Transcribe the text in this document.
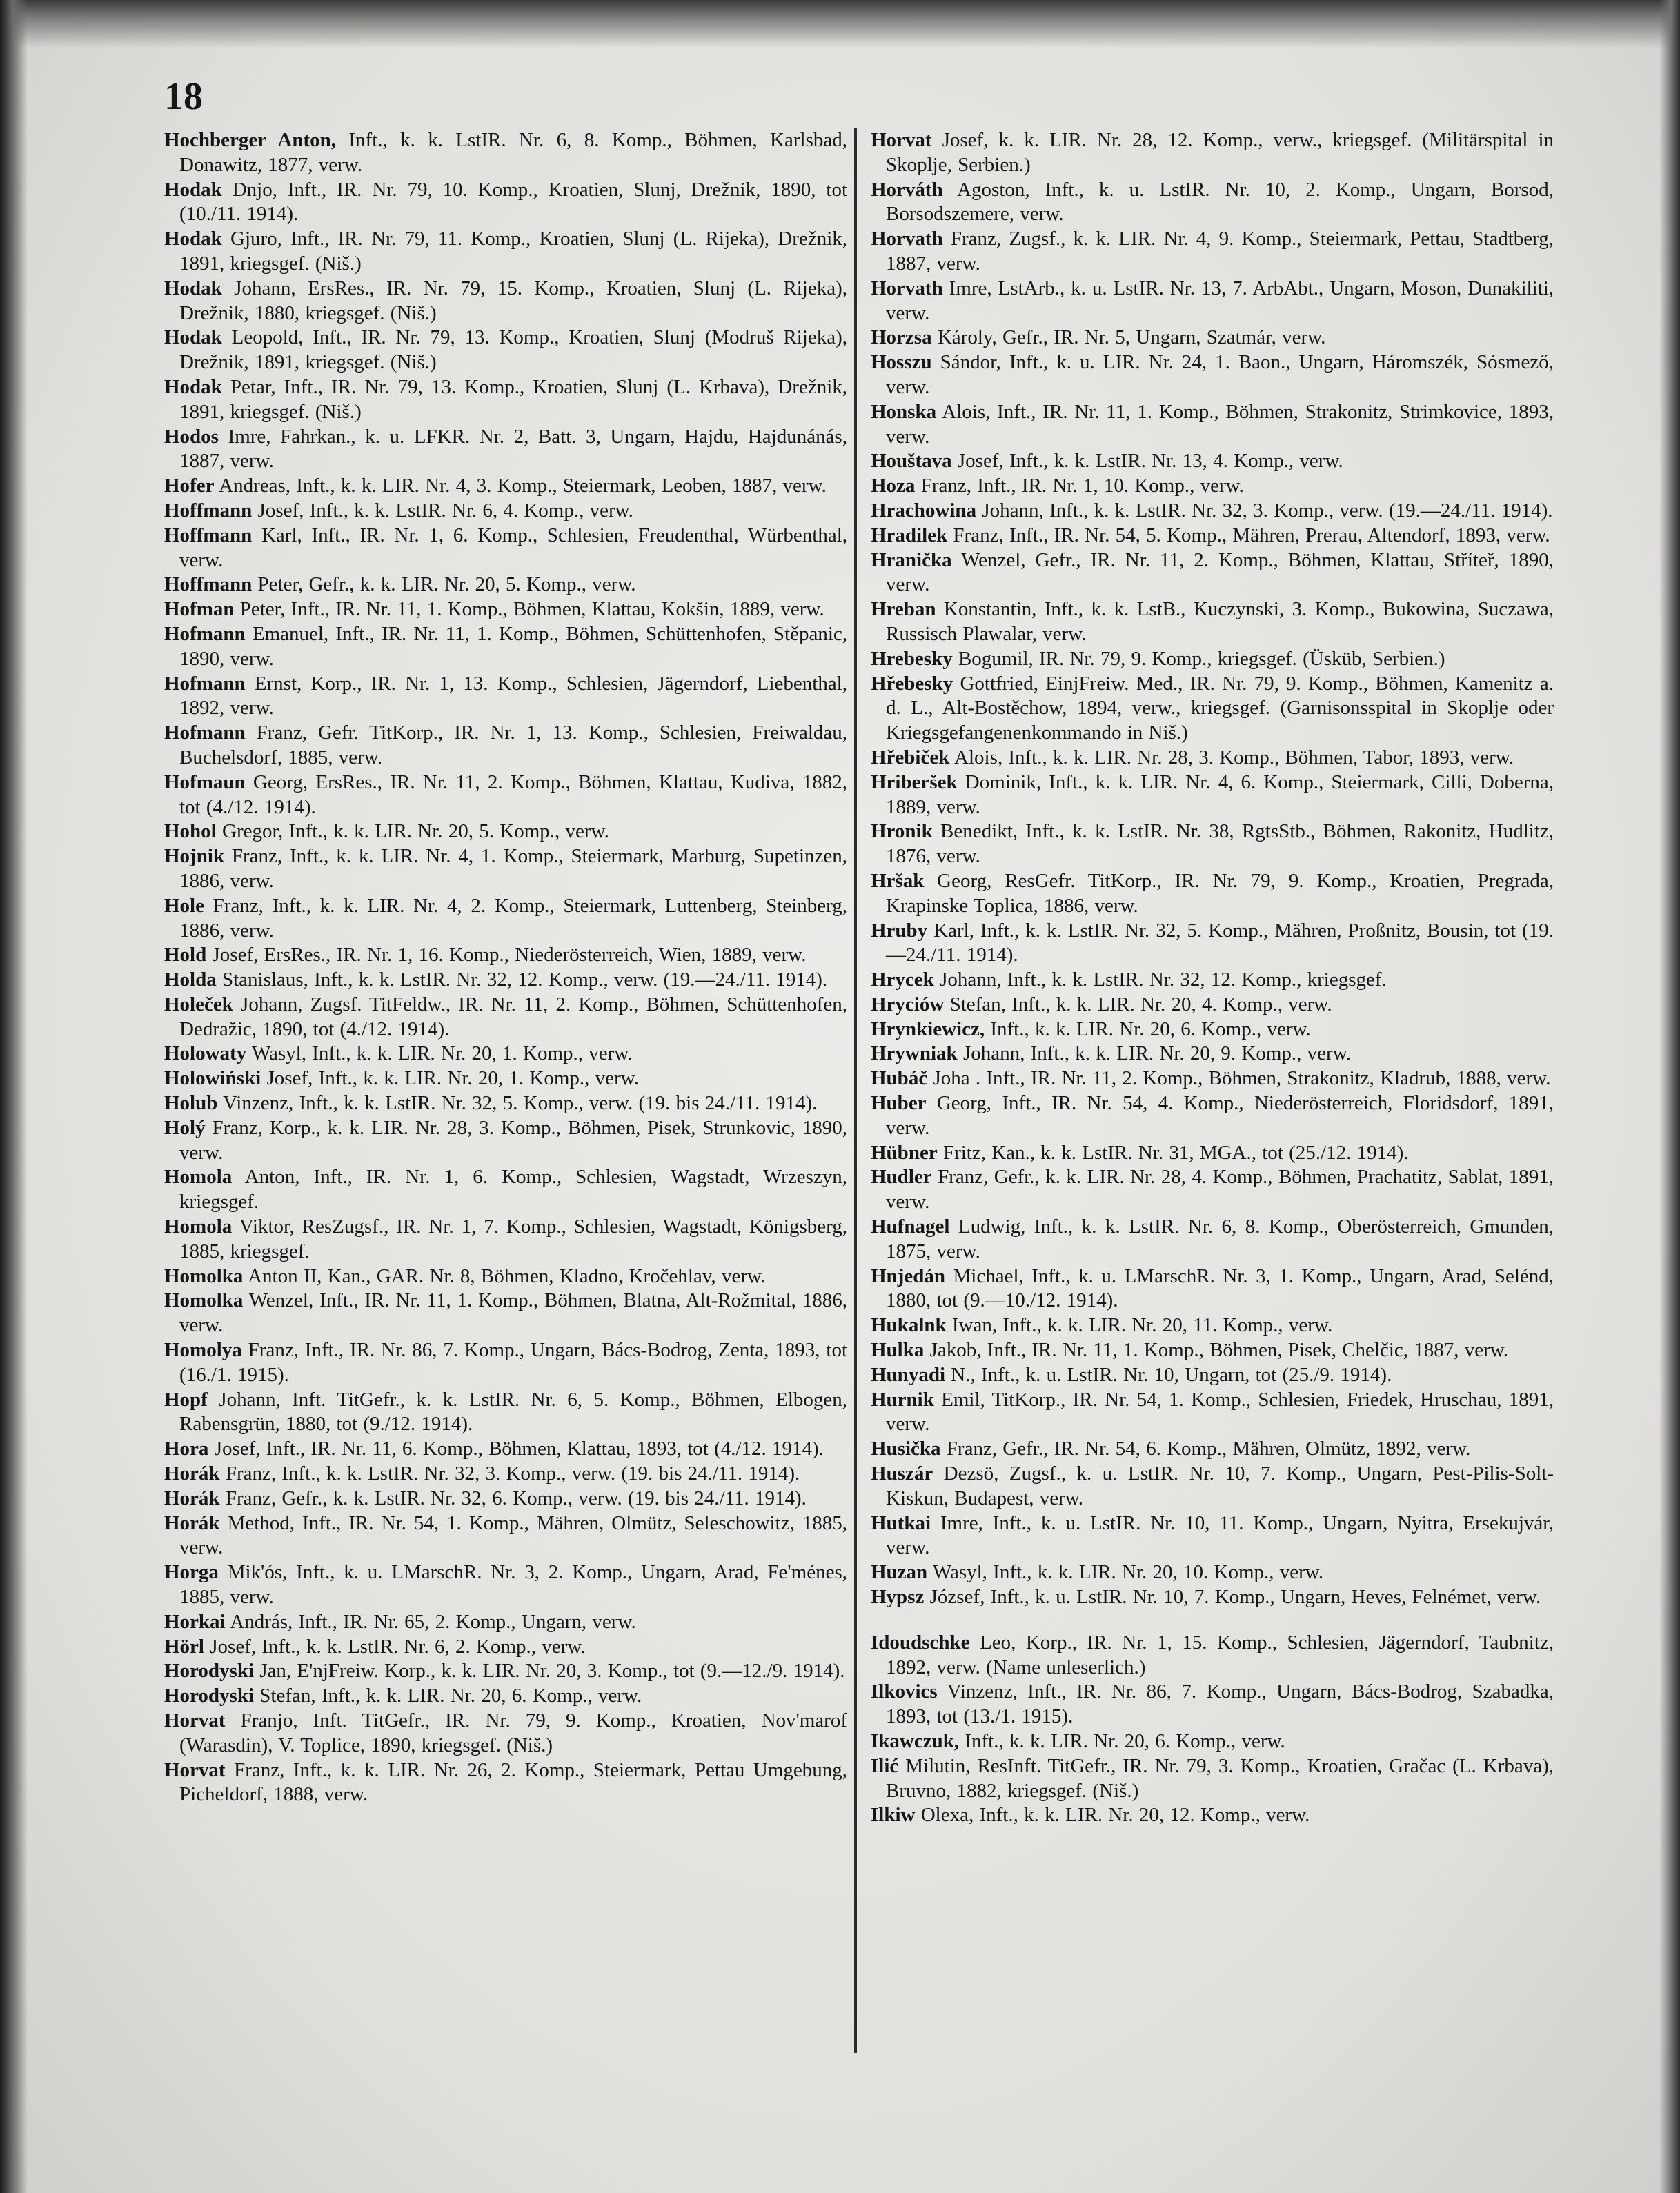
18
Hochberger Anton, Inft., k. k. LstIR. Nr. 6, 8. Komp., Böhmen, Karlsbad, Donawitz, 1877, verw.
Hodak Dnjo, Inft., IR. Nr. 79, 10. Komp., Kroatien, Slunj, Drežnik, 1890, tot (10./11. 1914).
Hodak Gjuro, Inft., IR. Nr. 79, 11. Komp., Kroatien, Slunj (L. Rijeka), Drežnik, 1891, kriegsgef. (Niš.)
Hodak Johann, ErsRes., IR. Nr. 79, 15. Komp., Kroatien, Slunj (L. Rijeka), Drežnik, 1880, kriegsgef. (Niš.)
Hodak Leopold, Inft., IR. Nr. 79, 13. Komp., Kroatien, Slunj (Modruš Rijeka), Drežnik, 1891, kriegsgef. (Niš.)
Hodak Petar, Inft., IR. Nr. 79, 13. Komp., Kroatien, Slunj (L. Krbava), Drežnik, 1891, kriegsgef. (Niš.)
Hodos Imre, Fahrkan., k. u. LFKR. Nr. 2, Batt. 3, Ungarn, Hajdu, Hajdunánás, 1887, verw.
Hofer Andreas, Inft., k. k. LIR. Nr. 4, 3. Komp., Steiermark, Leoben, 1887, verw.
Hoffmann Josef, Inft., k. k. LstIR. Nr. 6, 4. Komp., verw.
Hoffmann Karl, Inft., IR. Nr. 1, 6. Komp., Schlesien, Freudenthal, Würbenthal, verw.
Hoffmann Peter, Gefr., k. k. LIR. Nr. 20, 5. Komp., verw.
Hofman Peter, Inft., IR. Nr. 11, 1. Komp., Böhmen, Klattau, Kokšin, 1889, verw.
Hofmann Emanuel, Inft., IR. Nr. 11, 1. Komp., Böhmen, Schüttenhofen, Stěpanic, 1890, verw.
Hofmann Ernst, Korp., IR. Nr. 1, 13. Komp., Schlesien, Jägerndorf, Liebenthal, 1892, verw.
Hofmann Franz, Gefr. TitKorp., IR. Nr. 1, 13. Komp., Schlesien, Freiwaldau, Buchelsdorf, 1885, verw.
Hofmaun Georg, ErsRes., IR. Nr. 11, 2. Komp., Böhmen, Klattau, Kudiva, 1882, tot (4./12. 1914).
Hohol Gregor, Inft., k. k. LIR. Nr. 20, 5. Komp., verw.
Hojnik Franz, Inft., k. k. LIR. Nr. 4, 1. Komp., Steiermark, Marburg, Supetinzen, 1886, verw.
Hole Franz, Inft., k. k. LIR. Nr. 4, 2. Komp., Steiermark, Luttenberg, Steinberg, 1886, verw.
Hold Josef, ErsRes., IR. Nr. 1, 16. Komp., Niederösterreich, Wien, 1889, verw.
Holda Stanislaus, Inft., k. k. LstIR. Nr. 32, 12. Komp., verw. (19.—24./11. 1914).
Holeček Johann, Zugsf. TitFeldw., IR. Nr. 11, 2. Komp., Böhmen, Schüttenhofen, Dedražic, 1890, tot (4./12. 1914).
Holowaty Wasyl, Inft., k. k. LIR. Nr. 20, 1. Komp., verw.
Holowiński Josef, Inft., k. k. LIR. Nr. 20, 1. Komp., verw.
Holub Vinzenz, Inft., k. k. LstIR. Nr. 32, 5. Komp., verw. (19. bis 24./11. 1914).
Holý Franz, Korp., k. k. LIR. Nr. 28, 3. Komp., Böhmen, Pisek, Strunkovic, 1890, verw.
Homola Anton, Inft., IR. Nr. 1, 6. Komp., Schlesien, Wagstadt, Wrzeszyn, kriegsgef.
Homola Viktor, ResZugsf., IR. Nr. 1, 7. Komp., Schlesien, Wagstadt, Königsberg, 1885, kriegsgef.
Homolka Anton II, Kan., GAR. Nr. 8, Böhmen, Kladno, Kročehlav, verw.
Homolka Wenzel, Inft., IR. Nr. 11, 1. Komp., Böhmen, Blatna, Alt-Rožmital, 1886, verw.
Homolya Franz, Inft., IR. Nr. 86, 7. Komp., Ungarn, Bács-Bodrog, Zenta, 1893, tot (16./1. 1915).
Hopf Johann, Inft. TitGefr., k. k. LstIR. Nr. 6, 5. Komp., Böhmen, Elbogen, Rabensgrün, 1880, tot (9./12. 1914).
Hora Josef, Inft., IR. Nr. 11, 6. Komp., Böhmen, Klattau, 1893, tot (4./12. 1914).
Horák Franz, Inft., k. k. LstIR. Nr. 32, 3. Komp., verw. (19. bis 24./11. 1914).
Horák Franz, Gefr., k. k. LstIR. Nr. 32, 6. Komp., verw. (19. bis 24./11. 1914).
Horák Method, Inft., IR. Nr. 54, 1. Komp., Mähren, Olmütz, Seleschowitz, 1885, verw.
Horga Mik'ós, Inft., k. u. LMarschR. Nr. 3, 2. Komp., Ungarn, Arad, Fe'ménes, 1885, verw.
Horkai András, Inft., IR. Nr. 65, 2. Komp., Ungarn, verw.
Hörl Josef, Inft., k. k. LstIR. Nr. 6, 2. Komp., verw.
Horodyski Jan, E'njFreiw. Korp., k. k. LIR. Nr. 20, 3. Komp., tot (9.—12./9. 1914).
Horodyski Stefan, Inft., k. k. LIR. Nr. 20, 6. Komp., verw.
Horvat Franjo, Inft. TitGefr., IR. Nr. 79, 9. Komp., Kroatien, Nov'marof (Warasdin), V. Toplice, 1890, kriegsgef. (Niš.)
Horvat Franz, Inft., k. k. LIR. Nr. 26, 2. Komp., Steiermark, Pettau Umgebung, Picheldorf, 1888, verw.
Horvat Josef, k. k. LIR. Nr. 28, 12. Komp., verw., kriegsgef. (Militärspital in Skoplje, Serbien.)
Horváth Agoston, Inft., k. u. LstIR. Nr. 10, 2. Komp., Ungarn, Borsod, Borsodszemere, verw.
Horvath Franz, Zugsf., k. k. LIR. Nr. 4, 9. Komp., Steiermark, Pettau, Stadtberg, 1887, verw.
Horvath Imre, LstArb., k. u. LstIR. Nr. 13, 7. ArbAbt., Ungarn, Moson, Dunakiliti, verw.
Horzsa Károly, Gefr., IR. Nr. 5, Ungarn, Szatmár, verw.
Hosszu Sándor, Inft., k. u. LIR. Nr. 24, 1. Baon., Ungarn, Háromszék, Sósmező, verw.
Honska Alois, Inft., IR. Nr. 11, 1. Komp., Böhmen, Strakonitz, Strimkovice, 1893, verw.
Houštava Josef, Inft., k. k. LstIR. Nr. 13, 4. Komp., verw.
Hoza Franz, Inft., IR. Nr. 1, 10. Komp., verw.
Hrachowina Johann, Inft., k. k. LstIR. Nr. 32, 3. Komp., verw. (19.—24./11. 1914).
Hradilek Franz, Inft., IR. Nr. 54, 5. Komp., Mähren, Prerau, Altendorf, 1893, verw.
Hranička Wenzel, Gefr., IR. Nr. 11, 2. Komp., Böhmen, Klattau, Stříteř, 1890, verw.
Hreban Konstantin, Inft., k. k. LstB., Kuczynski, 3. Komp., Bukowina, Suczawa, Russisch Plawalar, verw.
Hrebesky Bogumil, IR. Nr. 79, 9. Komp., kriegsgef. (Üsküb, Serbien.)
Hřebesky Gottfried, EinjFreiw. Med., IR. Nr. 79, 9. Komp., Böhmen, Kamenitz a. d. L., Alt-Bostěchow, 1894, verw., kriegsgef. (Garnisonsspital in Skoplje oder Kriegsgefangenenkommando in Niš.)
Hřebiček Alois, Inft., k. k. LIR. Nr. 28, 3. Komp., Böhmen, Tabor, 1893, verw.
Hriberšek Dominik, Inft., k. k. LIR. Nr. 4, 6. Komp., Steiermark, Cilli, Doberna, 1889, verw.
Hronik Benedikt, Inft., k. k. LstIR. Nr. 38, RgtsStb., Böhmen, Rakonitz, Hudlitz, 1876, verw.
Hršak Georg, ResGefr. TitKorp., IR. Nr. 79, 9. Komp., Kroatien, Pregrada, Krapinske Toplica, 1886, verw.
Hruby Karl, Inft., k. k. LstIR. Nr. 32, 5. Komp., Mähren, Proßnitz, Bousin, tot (19.—24./11. 1914).
Hrycek Johann, Inft., k. k. LstIR. Nr. 32, 12. Komp., kriegsgef.
Hryciów Stefan, Inft., k. k. LIR. Nr. 20, 4. Komp., verw.
Hrynkiewicz, Inft., k. k. LIR. Nr. 20, 6. Komp., verw.
Hrywniak Johann, Inft., k. k. LIR. Nr. 20, 9. Komp., verw.
Hubáč Joha . Inft., IR. Nr. 11, 2. Komp., Böhmen, Strakonitz, Kladrub, 1888, verw.
Huber Georg, Inft., IR. Nr. 54, 4. Komp., Niederösterreich, Floridsdorf, 1891, verw.
Hübner Fritz, Kan., k. k. LstIR. Nr. 31, MGA., tot (25./12. 1914).
Hudler Franz, Gefr., k. k. LIR. Nr. 28, 4. Komp., Böhmen, Prachatitz, Sablat, 1891, verw.
Hufnagel Ludwig, Inft., k. k. LstIR. Nr. 6, 8. Komp., Oberösterreich, Gmunden, 1875, verw.
Hnjedán Michael, Inft., k. u. LMarschR. Nr. 3, 1. Komp., Ungarn, Arad, Selénd, 1880, tot (9.—10./12. 1914).
Hukalnk Iwan, Inft., k. k. LIR. Nr. 20, 11. Komp., verw.
Hulka Jakob, Inft., IR. Nr. 11, 1. Komp., Böhmen, Pisek, Chelčic, 1887, verw.
Hunyadi N., Inft., k. u. LstIR. Nr. 10, Ungarn, tot (25./9. 1914).
Hurnik Emil, TitKorp., IR. Nr. 54, 1. Komp., Schlesien, Friedek, Hruschau, 1891, verw.
Husička Franz, Gefr., IR. Nr. 54, 6. Komp., Mähren, Olmütz, 1892, verw.
Huszár Dezsö, Zugsf., k. u. LstIR. Nr. 10, 7. Komp., Ungarn, Pest-Pilis-Solt-Kiskun, Budapest, verw.
Hutkai Imre, Inft., k. u. LstIR. Nr. 10, 11. Komp., Ungarn, Nyitra, Ersekujvár, verw.
Huzan Wasyl, Inft., k. k. LIR. Nr. 20, 10. Komp., verw.
Hypsz József, Inft., k. u. LstIR. Nr. 10, 7. Komp., Ungarn, Heves, Felnémet, verw.
Idoudschke Leo, Korp., IR. Nr. 1, 15. Komp., Schlesien, Jägerndorf, Taubnitz, 1892, verw. (Name unleserlich.)
Ilkovics Vinzenz, Inft., IR. Nr. 86, 7. Komp., Ungarn, Bács-Bodrog, Szabadka, 1893, tot (13./1. 1915).
Ikawczuk, Inft., k. k. LIR. Nr. 20, 6. Komp., verw.
Ilić Milutin, ResInft. TitGefr., IR. Nr. 79, 3. Komp., Kroatien, Gračac (L. Krbava), Bruvno, 1882, kriegsgef. (Niš.)
Ilkiw Olexa, Inft., k. k. LIR. Nr. 20, 12. Komp., verw.
